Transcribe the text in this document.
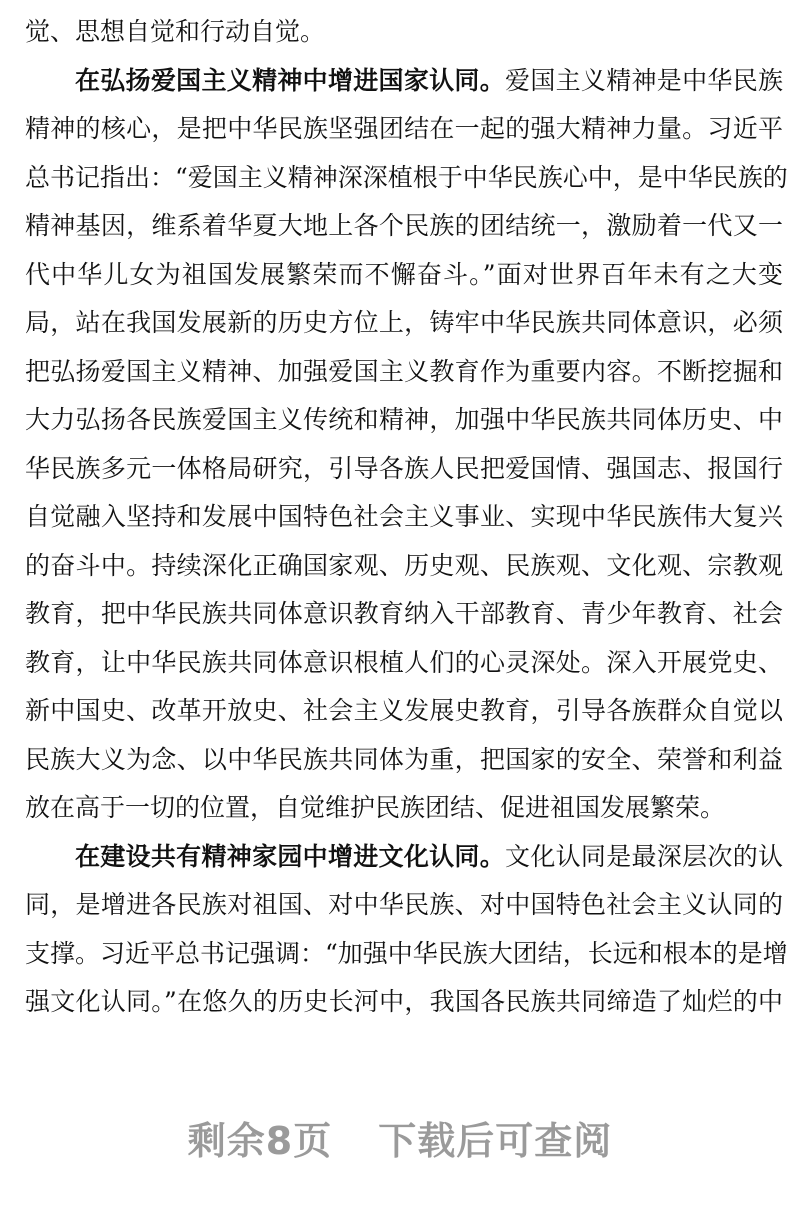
觉、思想自觉和行动自觉。
在弘扬爱国主义精神中增进国家认同。爱国主义精神是中华民族
精神的核心，是把中华民族坚强团结在一起的强大精神力量。习近平
总书记指出：“爱国主义精神深深植根于中华民族心中，是中华民族的
精神基因，维系着华夏大地上各个民族的团结统一，激励着一代又一
代中华儿女为祖国发展繁荣而不懈奋斗。”面对世界百年未有之大变
局，站在我国发展新的历史方位上，铸牢中华民族共同体意识，必须
把弘扬爱国主义精神、加强爱国主义教育作为重要内容。不断挖掘和
大力弘扬各民族爱国主义传统和精神，加强中华民族共同体历史、中
华民族多元一体格局研究，引导各族人民把爱国情、强国志、报国行
自觉融入坚持和发展中国特色社会主义事业、实现中华民族伟大复兴
的奋斗中。持续深化正确国家观、历史观、民族观、文化观、宗教观
教育，把中华民族共同体意识教育纳入干部教育、青少年教育、社会
教育，让中华民族共同体意识根植人们的心灵深处。深入开展党史、
新中国史、改革开放史、社会主义发展史教育，引导各族群众自觉以
民族大义为念、以中华民族共同体为重，把国家的安全、荣誉和利益
放在高于一切的位置，自觉维护民族团结、促进祖国发展繁荣。
在建设共有精神家园中增进文化认同。文化认同是最深层次的认
同，是增进各民族对祖国、对中华民族、对中国特色社会主义认同的
支撑。习近平总书记强调：“加强中华民族大团结，长远和根本的是增
强文化认同。”在悠久的历史长河中，我国各民族共同缔造了灿烂的中
剩余8页 下载后可查阅
